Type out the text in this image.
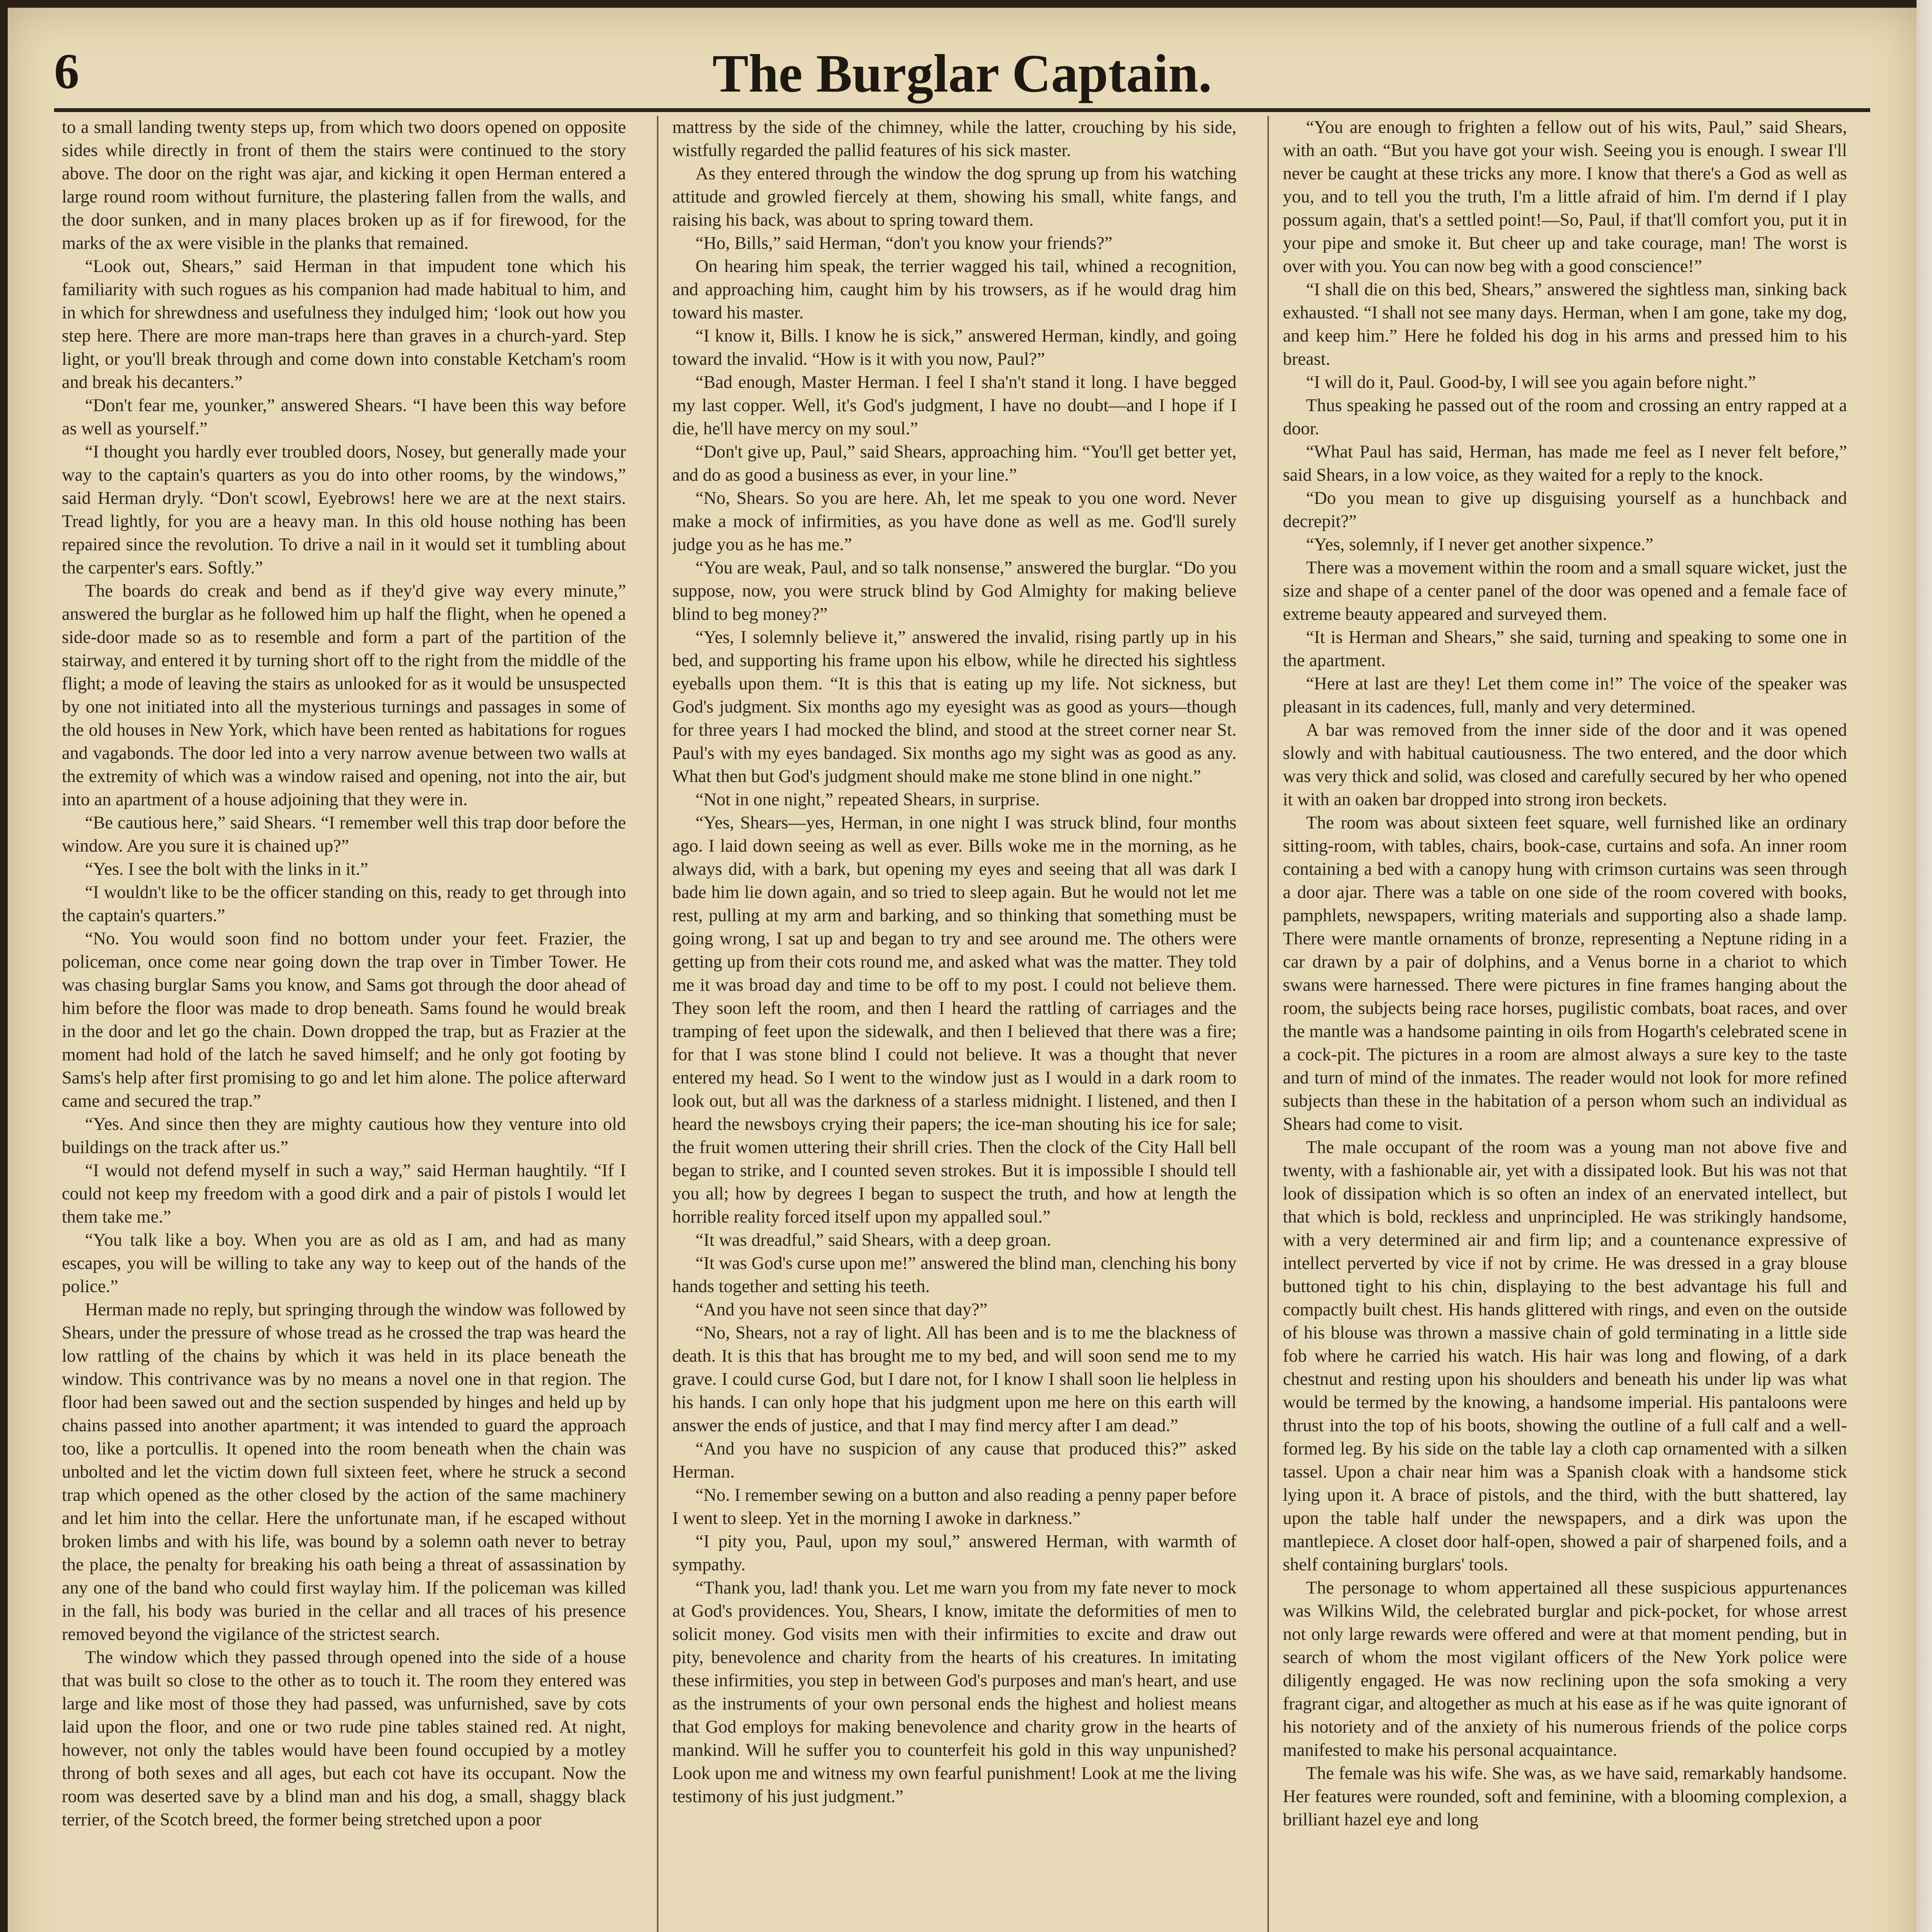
6	The Burglar Captain.

to a small landing twenty steps up, from which two doors opened on opposite sides while directly in front of them the stairs were continued to the story above. The door on the right was ajar, and kicking it open Herman entered a large round room without furniture, the plastering fallen from the walls, and the door sunken, and in many places broken up as if for firewood, for the marks of the ax were visible in the planks that remained.

“Look out, Shears,” said Herman in that impudent tone which his familiarity with such rogues as his companion had made habitual to him, and in which for shrewdness and usefulness they indulged him; ‘look out how you step here. There are more man-traps here than graves in a church-yard. Step light, or you'll break through and come down into constable Ketcham's room and break his decanters.”

“Don't fear me, younker,” answered Shears. “I have been this way before as well as yourself.”

“I thought you hardly ever troubled doors, Nosey, but generally made your way to the captain's quarters as you do into other rooms, by the windows,” said Herman dryly. “Don't scowl, Eyebrows! here we are at the next stairs. Tread lightly, for you are a heavy man. In this old house nothing has been repaired since the revolution. To drive a nail in it would set it tumbling about the carpenter's ears. Softly.”

The boards do creak and bend as if they'd give way every minute,” answered the burglar as he followed him up half the flight, when he opened a side-door made so as to resemble and form a part of the partition of the stairway, and entered it by turning short off to the right from the middle of the flight; a mode of leaving the stairs as unlooked for as it would be unsuspected by one not initiated into all the mysterious turnings and passages in some of the old houses in New York, which have been rented as habitations for rogues and vagabonds. The door led into a very narrow avenue between two walls at the extremity of which was a window raised and opening, not into the air, but into an apartment of a house adjoining that they were in.

“Be cautious here,” said Shears. “I remember well this trap door before the window. Are you sure it is chained up?”

“Yes. I see the bolt with the links in it.”

“I wouldn't like to be the officer standing on this, ready to get through into the captain's quarters.”

“No. You would soon find no bottom under your feet. Frazier, the policeman, once come near going down the trap over in Timber Tower. He was chasing burglar Sams you know, and Sams got through the door ahead of him before the floor was made to drop beneath. Sams found he would break in the door and let go the chain. Down dropped the trap, but as Frazier at the moment had hold of the latch he saved himself; and he only got footing by Sams's help after first promising to go and let him alone. The police afterward came and secured the trap.”

“Yes. And since then they are mighty cautious how they venture into old buildings on the track after us.”

“I would not defend myself in such a way,” said Herman haughtily. “If I could not keep my freedom with a good dirk and a pair of pistols I would let them take me.”

“You talk like a boy. When you are as old as I am, and had as many escapes, you will be willing to take any way to keep out of the hands of the police.”

Herman made no reply, but springing through the window was followed by Shears, under the pressure of whose tread as he crossed the trap was heard the low rattling of the chains by which it was held in its place beneath the window. This contrivance was by no means a novel one in that region. The floor had been sawed out and the section suspended by hinges and held up by chains passed into another apartment; it was intended to guard the approach too, like a portcullis. It opened into the room beneath when the chain was unbolted and let the victim down full sixteen feet, where he struck a second trap which opened as the other closed by the action of the same machinery and let him into the cellar. Here the unfortunate man, if he escaped without broken limbs and with his life, was bound by a solemn oath never to betray the place, the penalty for breaking his oath being a threat of assassination by any one of the band who could first waylay him. If the policeman was killed in the fall, his body was buried in the cellar and all traces of his presence removed beyond the vigilance of the strictest search.

The window which they passed through opened into the side of a house that was built so close to the other as to touch it. The room they entered was large and like most of those they had passed, was unfurnished, save by cots laid upon the floor, and one or two rude pine tables stained red. At night, however, not only the tables would have been found occupied by a motley throng of both sexes and all ages, but each cot have its occupant. Now the room was deserted save by a blind man and his dog, a small, shaggy black terrier, of the Scotch breed, the former being stretched upon a poor

mattress by the side of the chimney, while the latter, crouching by his side, wistfully regarded the pallid features of his sick master.

As they entered through the window the dog sprung up from his watching attitude and growled fiercely at them, showing his small, white fangs, and raising his back, was about to spring toward them.

“Ho, Bills,” said Herman, “don't you know your friends?”

On hearing him speak, the terrier wagged his tail, whined a recognition, and approaching him, caught him by his trowsers, as if he would drag him toward his master.

“I know it, Bills. I know he is sick,” answered Herman, kindly, and going toward the invalid. “How is it with you now, Paul?”

“Bad enough, Master Herman. I feel I sha'n't stand it long. I have begged my last copper. Well, it's God's judgment, I have no doubt—and I hope if I die, he'll have mercy on my soul.”

“Don't give up, Paul,” said Shears, approaching him. “You'll get better yet, and do as good a business as ever, in your line.”

“No, Shears. So you are here. Ah, let me speak to you one word. Never make a mock of infirmities, as you have done as well as me. God'll surely judge you as he has me.”

“You are weak, Paul, and so talk nonsense,” answered the burglar. “Do you suppose, now, you were struck blind by God Almighty for making believe blind to beg money?”

“Yes, I solemnly believe it,” answered the invalid, rising partly up in his bed, and supporting his frame upon his elbow, while he directed his sightless eyeballs upon them. “It is this that is eating up my life. Not sickness, but God's judgment. Six months ago my eyesight was as good as yours—though for three years I had mocked the blind, and stood at the street corner near St. Paul's with my eyes bandaged. Six months ago my sight was as good as any. What then but God's judgment should make me stone blind in one night.”

“Not in one night,” repeated Shears, in surprise.

“Yes, Shears—yes, Herman, in one night I was struck blind, four months ago. I laid down seeing as well as ever. Bills woke me in the morning, as he always did, with a bark, but opening my eyes and seeing that all was dark I bade him lie down again, and so tried to sleep again. But he would not let me rest, pulling at my arm and barking, and so thinking that something must be going wrong, I sat up and began to try and see around me. The others were getting up from their cots round me, and asked what was the matter. They told me it was broad day and time to be off to my post. I could not believe them. They soon left the room, and then I heard the rattling of carriages and the tramping of feet upon the sidewalk, and then I believed that there was a fire; for that I was stone blind I could not believe. It was a thought that never entered my head. So I went to the window just as I would in a dark room to look out, but all was the darkness of a starless midnight. I listened, and then I heard the newsboys crying their papers; the ice-man shouting his ice for sale; the fruit women uttering their shrill cries. Then the clock of the City Hall bell began to strike, and I counted seven strokes. But it is impossible I should tell you all; how by degrees I began to suspect the truth, and how at length the horrible reality forced itself upon my appalled soul.”

“It was dreadful,” said Shears, with a deep groan.

“It was God's curse upon me!” answered the blind man, clenching his bony hands together and setting his teeth.

“And you have not seen since that day?”

“No, Shears, not a ray of light. All has been and is to me the blackness of death. It is this that has brought me to my bed, and will soon send me to my grave. I could curse God, but I dare not, for I know I shall soon lie helpless in his hands. I can only hope that his judgment upon me here on this earth will answer the ends of justice, and that I may find mercy after I am dead.”

“And you have no suspicion of any cause that produced this?” asked Herman.

“No. I remember sewing on a button and also reading a penny paper before I went to sleep. Yet in the morning I awoke in darkness.”

“I pity you, Paul, upon my soul,” answered Herman, with warmth of sympathy.

“Thank you, lad! thank you. Let me warn you from my fate never to mock at God's providences. You, Shears, I know, imitate the deformities of men to solicit money. God visits men with their infirmities to excite and draw out pity, benevolence and charity from the hearts of his creatures. In imitating these infirmities, you step in between God's purposes and man's heart, and use as the instruments of your own personal ends the highest and holiest means that God employs for making benevolence and charity grow in the hearts of mankind. Will he suffer you to counterfeit his gold in this way unpunished? Look upon me and witness my own fearful punishment! Look at me the living testimony of his just judgment.”

“You are enough to frighten a fellow out of his wits, Paul,” said Shears, with an oath. “But you have got your wish. Seeing you is enough. I swear I'll never be caught at these tricks any more. I know that there's a God as well as you, and to tell you the truth, I'm a little afraid of him. I'm dernd if I play possum again, that's a settled point!—So, Paul, if that'll comfort you, put it in your pipe and smoke it. But cheer up and take courage, man! The worst is over with you. You can now beg with a good conscience!”

“I shall die on this bed, Shears,” answered the sightless man, sinking back exhausted. “I shall not see many days. Herman, when I am gone, take my dog, and keep him.” Here he folded his dog in his arms and pressed him to his breast.

“I will do it, Paul. Good-by, I will see you again before night.”

Thus speaking he passed out of the room and crossing an entry rapped at a door.

“What Paul has said, Herman, has made me feel as I never felt before,” said Shears, in a low voice, as they waited for a reply to the knock.

“Do you mean to give up disguising yourself as a hunchback and decrepit?”

“Yes, solemnly, if I never get another sixpence.”

There was a movement within the room and a small square wicket, just the size and shape of a center panel of the door was opened and a female face of extreme beauty appeared and surveyed them.

“It is Herman and Shears,” she said, turning and speaking to some one in the apartment.

“Here at last are they! Let them come in!” The voice of the speaker was pleasant in its cadences, full, manly and very determined.

A bar was removed from the inner side of the door and it was opened slowly and with habitual cautiousness. The two entered, and the door which was very thick and solid, was closed and carefully secured by her who opened it with an oaken bar dropped into strong iron beckets.

The room was about sixteen feet square, well furnished like an ordinary sitting-room, with tables, chairs, book-case, curtains and sofa. An inner room containing a bed with a canopy hung with crimson curtains was seen through a door ajar. There was a table on one side of the room covered with books, pamphlets, newspapers, writing materials and supporting also a shade lamp. There were mantle ornaments of bronze, representing a Neptune riding in a car drawn by a pair of dolphins, and a Venus borne in a chariot to which swans were harnessed. There were pictures in fine frames hanging about the room, the subjects being race horses, pugilistic combats, boat races, and over the mantle was a handsome painting in oils from Hogarth's celebrated scene in a cock-pit. The pictures in a room are almost always a sure key to the taste and turn of mind of the inmates. The reader would not look for more refined subjects than these in the habitation of a person whom such an individual as Shears had come to visit.

The male occupant of the room was a young man not above five and twenty, with a fashionable air, yet with a dissipated look. But his was not that look of dissipation which is so often an index of an enervated intellect, but that which is bold, reckless and unprincipled. He was strikingly handsome, with a very determined air and firm lip; and a countenance expressive of intellect perverted by vice if not by crime. He was dressed in a gray blouse buttoned tight to his chin, displaying to the best advantage his full and compactly built chest. His hands glittered with rings, and even on the outside of his blouse was thrown a massive chain of gold terminating in a little side fob where he carried his watch. His hair was long and flowing, of a dark chestnut and resting upon his shoulders and beneath his under lip was what would be termed by the knowing, a handsome imperial. His pantaloons were thrust into the top of his boots, showing the outline of a full calf and a well-formed leg. By his side on the table lay a cloth cap ornamented with a silken tassel. Upon a chair near him was a Spanish cloak with a handsome stick lying upon it. A brace of pistols, and the third, with the butt shattered, lay upon the table half under the newspapers, and a dirk was upon the mantlepiece. A closet door half-open, showed a pair of sharpened foils, and a shelf containing burglars' tools.

The personage to whom appertained all these suspicious appurtenances was Wilkins Wild, the celebrated burglar and pick-pocket, for whose arrest not only large rewards were offered and were at that moment pending, but in search of whom the most vigilant officers of the New York police were diligently engaged. He was now reclining upon the sofa smoking a very fragrant cigar, and altogether as much at his ease as if he was quite ignorant of his notoriety and of the anxiety of his numerous friends of the police corps manifested to make his personal acquaintance.

The female was his wife. She was, as we have said, remarkably handsome. Her features were rounded, soft and feminine, with a blooming complexion, a brilliant hazel eye and long
